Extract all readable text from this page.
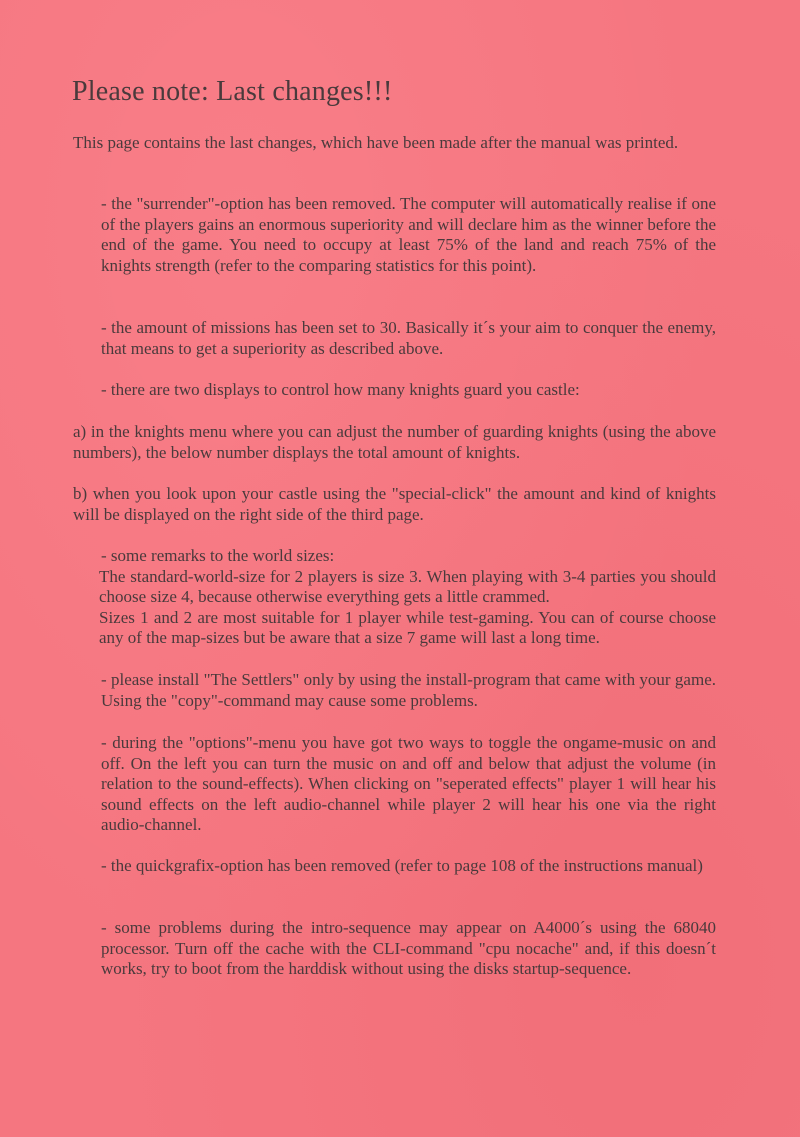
Please note: Last changes!!!

This page contains the last changes, which have been made after the manual was printed.

- the "surrender"-option has been removed. The computer will automatically realise if one of the players gains an enormous superiority and will declare him as the winner before the end of the game. You need to occupy at least 75% of the land and reach 75% of the knights strength (refer to the comparing statistics for this point).

- the amount of missions has been set to 30. Basically it´s your aim to conquer the enemy, that means to get a superiority as described above.

- there are two displays to control how many knights guard you castle:

a) in the knights menu where you can adjust the number of guarding knights (using the above numbers), the below number displays the total amount of knights.

b) when you look upon your castle using the "special-click" the amount and kind of knights will be displayed on the right side of the third page.

- some remarks to the world sizes:
The standard-world-size for 2 players is size 3. When playing with 3-4 parties you should choose size 4, because otherwise everything gets a little crammed.
Sizes 1 and 2 are most suitable for 1 player while test-gaming. You can of course choose any of the map-sizes but be aware that a size 7 game will last a long time.

- please install "The Settlers" only by using the install-program that came with your game. Using the "copy"-command may cause some problems.

- during the "options"-menu you have got two ways to toggle the ongame-music on and off. On the left you can turn the music on and off and below that adjust the volume (in relation to the sound-effects). When clicking on "seperated effects" player 1 will hear his sound effects on the left audio-channel while player 2 will hear his one via the right audio-channel.

- the quickgrafix-option has been removed (refer to page 108 of the instructions manual)

- some problems during the intro-sequence may appear on A4000´s using the 68040 processor. Turn off the cache with the CLI-command "cpu nocache" and, if this doesn´t works, try to boot from the harddisk without using the disks startup-sequence.
